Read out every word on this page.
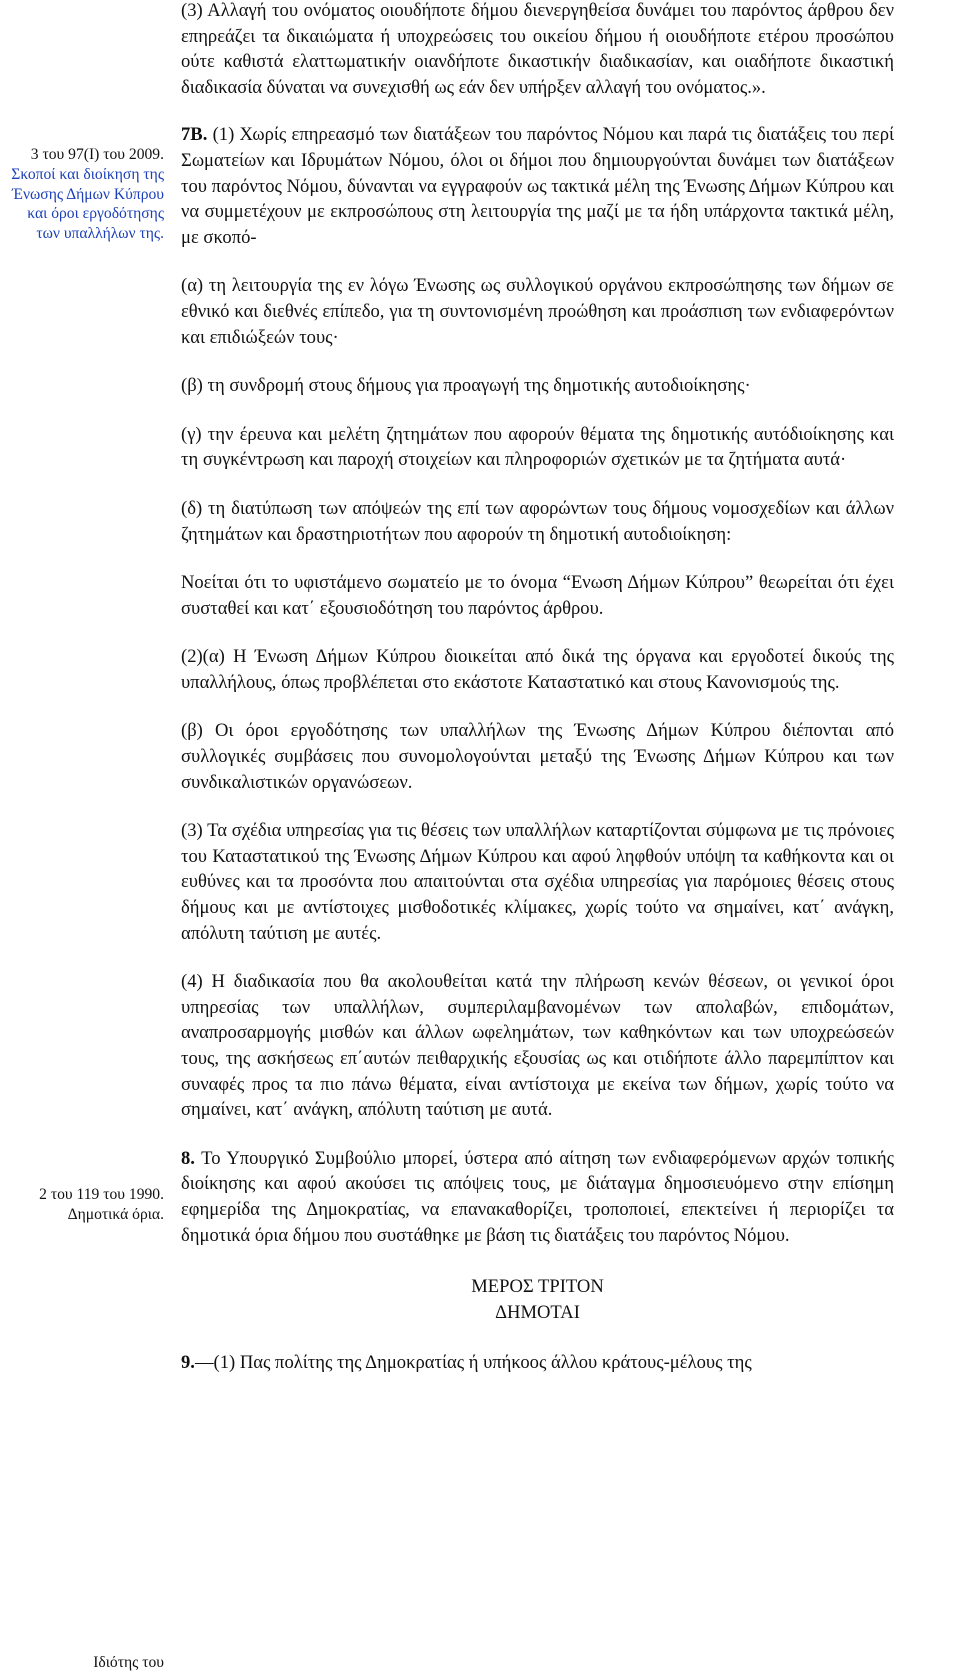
3 του 97(Ι) του 2009.
Σκοποί και διοίκηση της Ένωσης Δήμων Κύπρου και όροι εργοδότησης των υπαλλήλων της.
2 του 119 του 1990.
Δημοτικά όρια.
Ιδιότης του

(3) Αλλαγή του ονόματος οιουδήποτε δήμου διενεργηθείσα δυνάμει του παρόντος άρθρου δεν επηρεάζει τα δικαιώματα ή υποχρεώσεις του οικείου δήμου ή οιουδήποτε ετέρου προσώπου ούτε καθιστά ελαττωματικήν οιανδήποτε δικαστικήν διαδικασίαν, και οιαδήποτε δικαστική διαδικασία δύναται να συνεχισθή ως εάν δεν υπήρξεν αλλαγή του ονόματος.».

7Β. (1) Χωρίς επηρεασμό των διατάξεων του παρόντος Νόμου και παρά τις διατάξεις του περί Σωματείων και Ιδρυμάτων Νόμου, όλοι οι δήμοι που δημιουργούνται δυνάμει των διατάξεων του παρόντος Νόμου, δύνανται να εγγραφούν ως τακτικά μέλη της Ένωσης Δήμων Κύπρου και να συμμετέχουν με εκπροσώπους στη λειτουργία της μαζί με τα ήδη υπάρχοντα τακτικά μέλη, με σκοπό-

(α) τη λειτουργία της εν λόγω Ένωσης ως συλλογικού οργάνου εκπροσώπησης των δήμων σε εθνικό και διεθνές επίπεδο, για τη συντονισμένη προώθηση και προάσπιση των ενδιαφερόντων και επιδιώξεών τους·

(β) τη συνδρομή στους δήμους για προαγωγή της δημοτικής αυτοδιοίκησης·

(γ) την έρευνα και μελέτη ζητημάτων που αφορούν θέματα της δημοτικής αυτόδιοίκησης και τη συγκέντρωση και παροχή στοιχείων και πληροφοριών σχετικών με τα ζητήματα αυτά·

(δ) τη διατύπωση των απόψεών της επί των αφορώντων τους δήμους νομοσχεδίων και άλλων ζητημάτων και δραστηριοτήτων που αφορούν τη δημοτική αυτοδιοίκηση:

Νοείται ότι το υφιστάμενο σωματείο με το όνομα “Ενωση Δήμων Κύπρου” θεωρείται ότι έχει συσταθεί και κατ΄ εξουσιοδότηση του παρόντος άρθρου.

(2)(α) Η Ένωση Δήμων Κύπρου διοικείται από δικά της όργανα και εργοδοτεί δικούς της υπαλλήλους, όπως προβλέπεται στο εκάστοτε Καταστατικό και στους Κανονισμούς της.

(β) Οι όροι εργοδότησης των υπαλλήλων της Ένωσης Δήμων Κύπρου διέπονται από συλλογικές συμβάσεις που συνομολογούνται μεταξύ της Ένωσης Δήμων Κύπρου και των συνδικαλιστικών οργανώσεων.

(3) Τα σχέδια υπηρεσίας για τις θέσεις των υπαλλήλων καταρτίζονται σύμφωνα με τις πρόνοιες του Καταστατικού της Ένωσης Δήμων Κύπρου και αφού ληφθούν υπόψη τα καθήκοντα και οι ευθύνες και τα προσόντα που απαιτούνται στα σχέδια υπηρεσίας για παρόμοιες θέσεις στους δήμους και με αντίστοιχες μισθοδοτικές κλίμακες, χωρίς τούτο να σημαίνει, κατ΄ ανάγκη, απόλυτη ταύτιση με αυτές.

(4) Η διαδικασία που θα ακολουθείται κατά την πλήρωση κενών θέσεων, οι γενικοί όροι υπηρεσίας των υπαλλήλων, συμπεριλαμβανομένων των απολαβών, επιδομάτων, αναπροσαρμογής μισθών και άλλων ωφελημάτων, των καθηκόντων και των υποχρεώσεών τους, της ασκήσεως επ΄αυτών πειθαρχικής εξουσίας ως και οτιδήποτε άλλο παρεμπίπτον και συναφές προς τα πιο πάνω θέματα, είναι αντίστοιχα με εκείνα των δήμων, χωρίς τούτο να σημαίνει, κατ΄ ανάγκη, απόλυτη ταύτιση με αυτά.

8. Το Υπουργικό Συμβούλιο μπορεί, ύστερα από αίτηση των ενδιαφερόμενων αρχών τοπικής διοίκησης και αφού ακούσει τις απόψεις τους, με διάταγμα δημοσιευόμενο στην επίσημη εφημερίδα της Δημοκρατίας, να επανακαθορίζει, τροποποιεί, επεκτείνει ή περιορίζει τα δημοτικά όρια δήμου που συστάθηκε με βάση τις διατάξεις του παρόντος Νόμου.

ΜΕΡΟΣ ΤΡΙΤΟΝ

ΔΗΜΟΤΑΙ

9.—(1) Πας πολίτης της Δημοκρατίας ή υπήκοος άλλου κράτους-μέλους της
